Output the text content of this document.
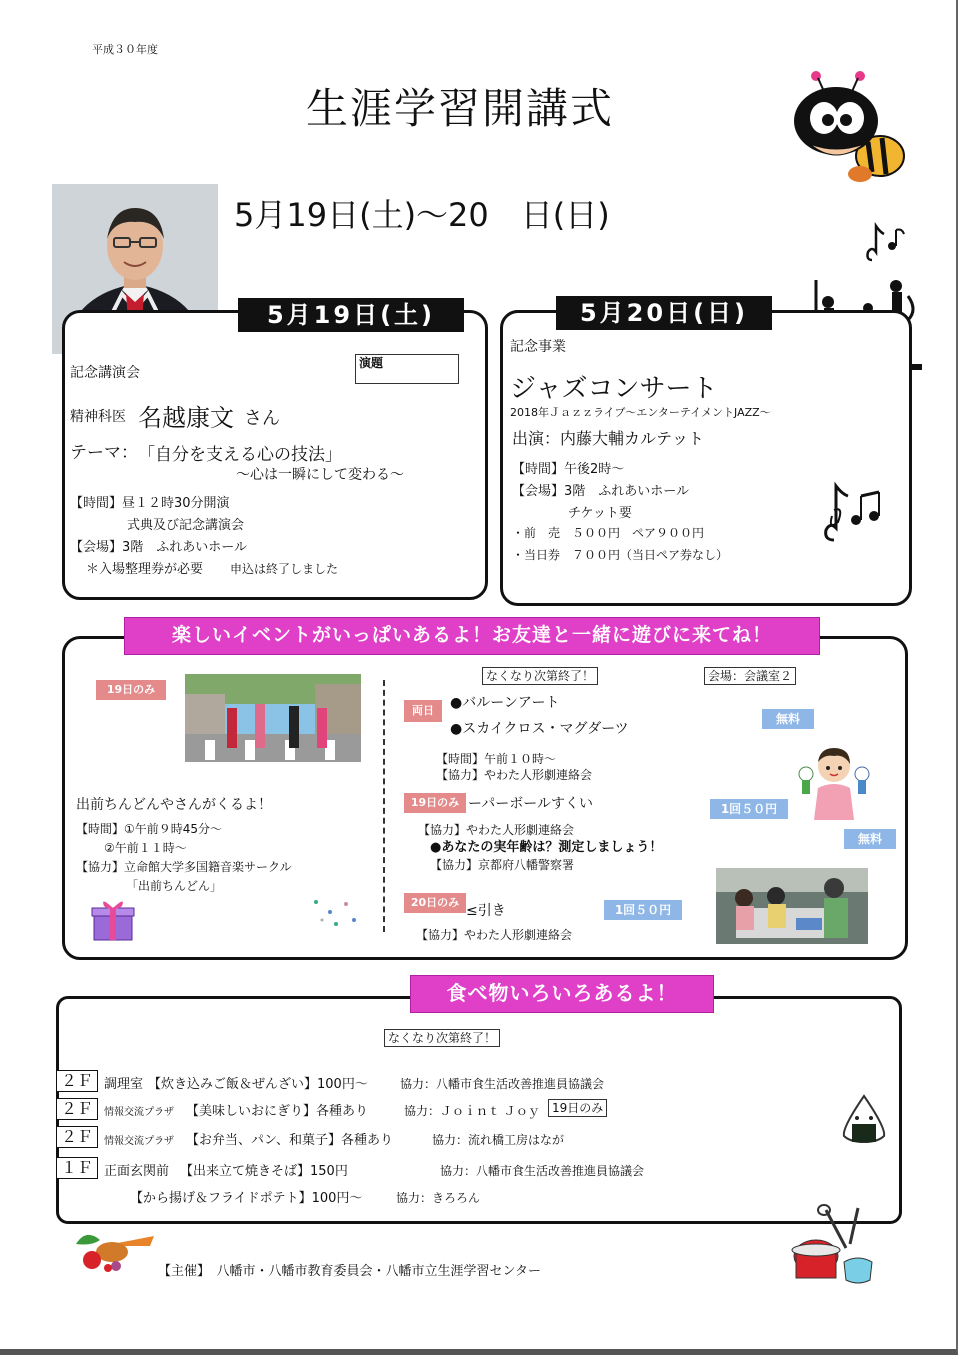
平成３０年度
生涯学習開講式
5月19日(土)～20　日(日)
5月19日(土)
演題
記念講演会
精神科医 名越康文 さん
テーマ： 「自分を支える心の技法」
～心は一瞬にして変わる～
【時間】昼１２時30分開演
式典及び記念講演会
【会場】3階　ふれあいホール
＊入場整理券が必要 申込は終了しました
5月20日(日)
記念事業
ジャズコンサート
2018年Ｊａｚｚライブ～エンターテイメントJAZZ～
出演：内藤大輔カルテット
【時間】午後2時～
【会場】3階　ふれあいホール
チケット要
・前　売　５００円　ペア９００円
・当日券　７００円（当日ペア券なし）
楽しいイベントがいっぱいあるよ！お友達と一緒に遊びに来てね！
19日のみ
出前ちんどんやさんがくるよ！
【時間】①午前９時45分～
②午前１１時～
【協力】立命館大学多国籍音楽サークル
「出前ちんどん」
なくなり次第終了！	会場：会議室２
両日	●バルーンアート
●スカイクロス・マグダーツ
無料
【時間】午前１０時～
【協力】やわた人形劇連絡会
19日のみ ーパーボールすくい	1回５０円
【協力】やわた人形劇連絡会
●あなたの実年齢は？測定しましょう！
無料
【協力】京都府八幡警察署
20日のみ
≤引き	1回５０円
【協力】やわた人形劇連絡会
食べ物いろいろあるよ！
なくなり次第終了！
２Ｆ 調理室 【炊き込みご飯＆ぜんざい】100円～	協力：八幡市食生活改善推進員協議会
２Ｆ	情報交流プラザ 【美味しいおにぎり】各種あり	協力：Ｊｏｉｎｔ Ｊｏｙ	19日のみ
２Ｆ	情報交流プラザ 【お弁当、パン、和菓子】各種あり	協力：流れ橋工房はなが
１Ｆ 正面玄関前 【出来立て焼きそば】150円	協力：八幡市食生活改善推進員協議会
【から揚げ＆フライドポテト】100円～	協力：きろろん
【主催】　八幡市・八幡市教育委員会・八幡市立生涯学習センター
